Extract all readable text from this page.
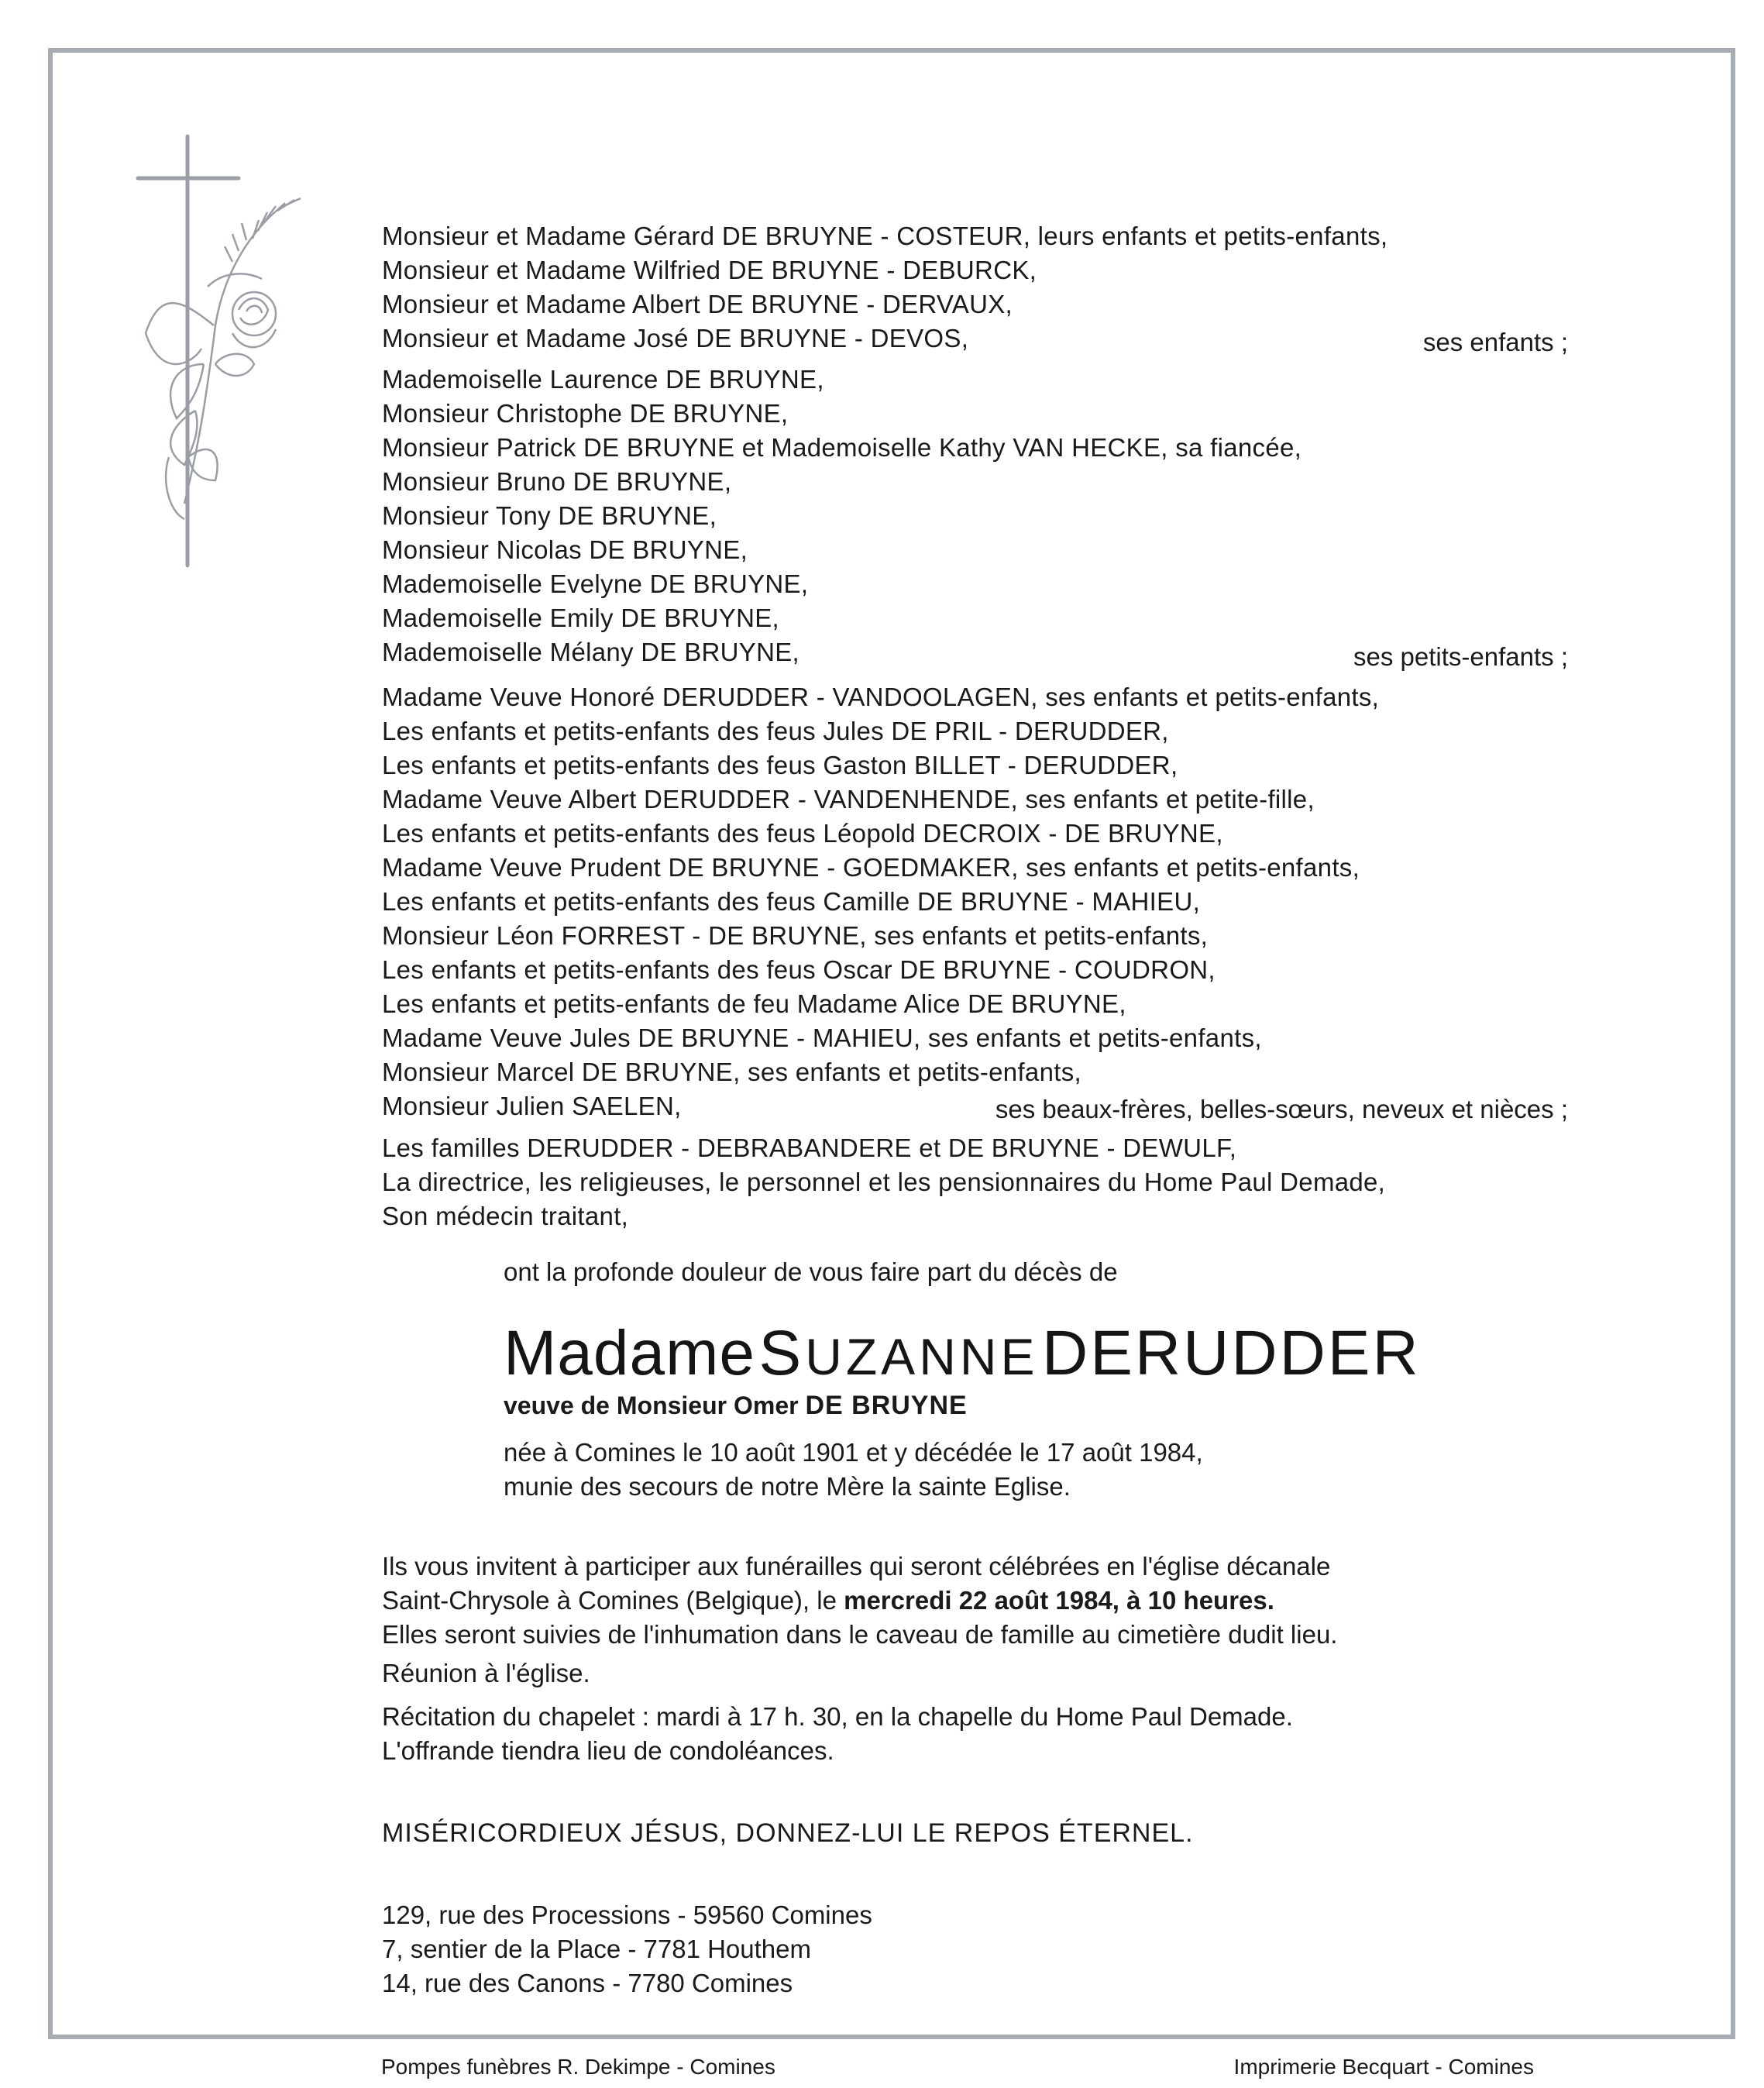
Monsieur et Madame Gérard DE BRUYNE - COSTEUR, leurs enfants et petits-enfants,
Monsieur et Madame Wilfried DE BRUYNE - DEBURCK,
Monsieur et Madame Albert DE BRUYNE - DERVAUX,
Monsieur et Madame José DE BRUYNE - DEVOS,	ses enfants ;
Mademoiselle Laurence DE BRUYNE,
Monsieur Christophe DE BRUYNE,
Monsieur Patrick DE BRUYNE et Mademoiselle Kathy VAN HECKE, sa fiancée,
Monsieur Bruno DE BRUYNE,
Monsieur Tony DE BRUYNE,
Monsieur Nicolas DE BRUYNE,
Mademoiselle Evelyne DE BRUYNE,
Mademoiselle Emily DE BRUYNE,
Mademoiselle Mélany DE BRUYNE,	ses petits-enfants ;
Madame Veuve Honoré DERUDDER - VANDOOLAGEN, ses enfants et petits-enfants,
Les enfants et petits-enfants des feus Jules DE PRIL - DERUDDER,
Les enfants et petits-enfants des feus Gaston BILLET - DERUDDER,
Madame Veuve Albert DERUDDER - VANDENHENDE, ses enfants et petite-fille,
Les enfants et petits-enfants des feus Léopold DECROIX - DE BRUYNE,
Madame Veuve Prudent DE BRUYNE - GOEDMAKER, ses enfants et petits-enfants,
Les enfants et petits-enfants des feus Camille DE BRUYNE - MAHIEU,
Monsieur Léon FORREST - DE BRUYNE, ses enfants et petits-enfants,
Les enfants et petits-enfants des feus Oscar DE BRUYNE - COUDRON,
Les enfants et petits-enfants de feu Madame Alice DE BRUYNE,
Madame Veuve Jules DE BRUYNE - MAHIEU, ses enfants et petits-enfants,
Monsieur Marcel DE BRUYNE, ses enfants et petits-enfants,
Monsieur Julien SAELEN,	ses beaux-frères, belles-sœurs, neveux et nièces ;
Les familles DERUDDER - DEBRABANDERE et DE BRUYNE - DEWULF,
La directrice, les religieuses, le personnel et les pensionnaires du Home Paul Demade,
Son médecin traitant,
ont la profonde douleur de vous faire part du décès de
Madame SUZANNE DERUDDER
veuve de Monsieur Omer DE BRUYNE
née à Comines le 10 août 1901 et y décédée le 17 août 1984,
munie des secours de notre Mère la sainte Eglise.
Ils vous invitent à participer aux funérailles qui seront célébrées en l'église décanale
Saint-Chrysole à Comines (Belgique), le mercredi 22 août 1984, à 10 heures.
Elles seront suivies de l'inhumation dans le caveau de famille au cimetière dudit lieu.
Réunion à l'église.
Récitation du chapelet : mardi à 17 h. 30, en la chapelle du Home Paul Demade.
L'offrande tiendra lieu de condoléances.
MISÉRICORDIEUX JÉSUS, DONNEZ-LUI LE REPOS ÉTERNEL.
129, rue des Processions - 59560 Comines
7, sentier de la Place - 7781 Houthem
14, rue des Canons - 7780 Comines
Pompes funèbres R. Dekimpe - Comines	Imprimerie Becquart - Comines
